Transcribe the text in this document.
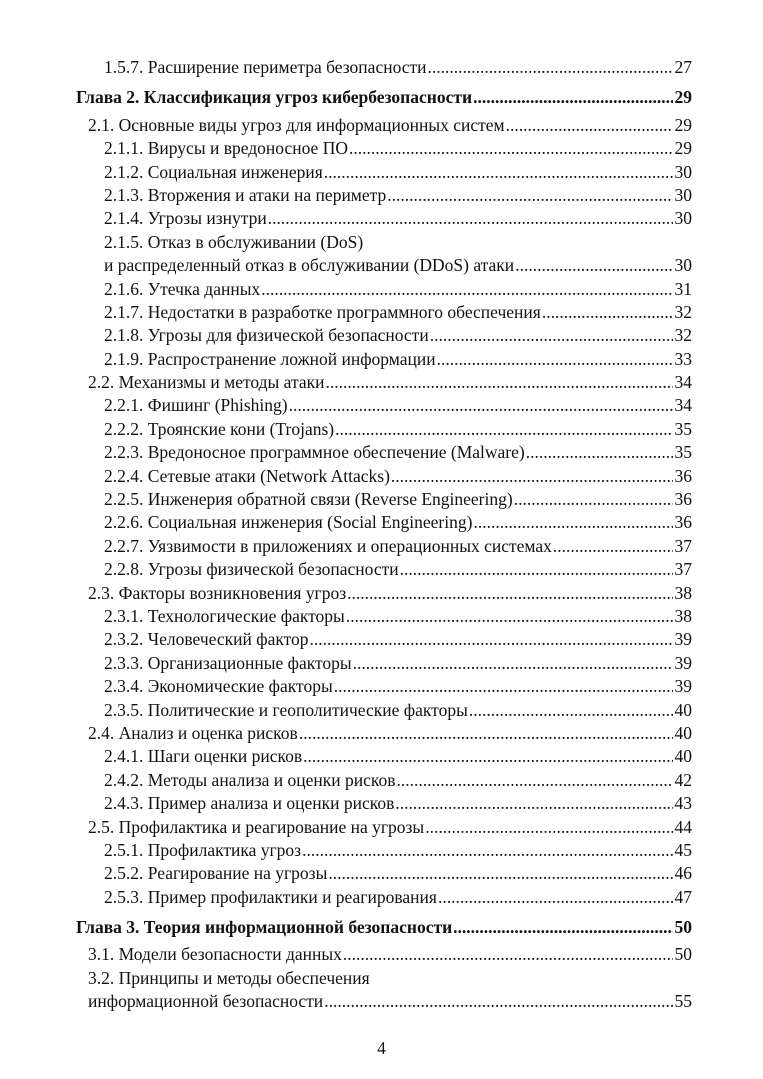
1.5.7. Расширение периметра безопасности .....	27
Глава 2. Классификация угроз кибербезопасности .....	29
2.1. Основные виды угроз для информационных систем .....	29
2.1.1. Вирусы и вредоносное ПО .....	29
2.1.2. Социальная инженерия .....	30
2.1.3. Вторжения и атаки на периметр .....	30
2.1.4. Угрозы изнутри .....	30
2.1.5. Отказ в обслуживании (DoS)
и распределенный отказ в обслуживании (DDoS) атаки .....	30
2.1.6. Утечка данных .....	31
2.1.7. Недостатки в разработке программного обеспечения .....	32
2.1.8. Угрозы для физической безопасности .....	32
2.1.9. Распространение ложной информации .....	33
2.2. Механизмы и методы атаки .....	34
2.2.1. Фишинг (Phishing) .....	34
2.2.2. Троянские кони (Trojans) .....	35
2.2.3. Вредоносное программное обеспечение (Malware) .....	35
2.2.4. Сетевые атаки (Network Attacks) .....	36
2.2.5. Инженерия обратной связи (Reverse Engineering) .....	36
2.2.6. Социальная инженерия (Social Engineering) .....	36
2.2.7. Уязвимости в приложениях и операционных системах .....	37
2.2.8. Угрозы физической безопасности .....	37
2.3. Факторы возникновения угроз .....	38
2.3.1. Технологические факторы .....	38
2.3.2. Человеческий фактор .....	39
2.3.3. Организационные факторы .....	39
2.3.4. Экономические факторы .....	39
2.3.5. Политические и геополитические факторы .....	40
2.4. Анализ и оценка рисков .....	40
2.4.1. Шаги оценки рисков .....	40
2.4.2. Методы анализа и оценки рисков .....	42
2.4.3. Пример анализа и оценки рисков .....	43
2.5. Профилактика и реагирование на угрозы .....	44
2.5.1. Профилактика угроз .....	45
2.5.2. Реагирование на угрозы .....	46
2.5.3. Пример профилактики и реагирования .....	47
Глава 3. Теория информационной безопасности .....	50
3.1. Модели безопасности данных .....	50
3.2. Принципы и методы обеспечения
информационной безопасности .....	55
4
